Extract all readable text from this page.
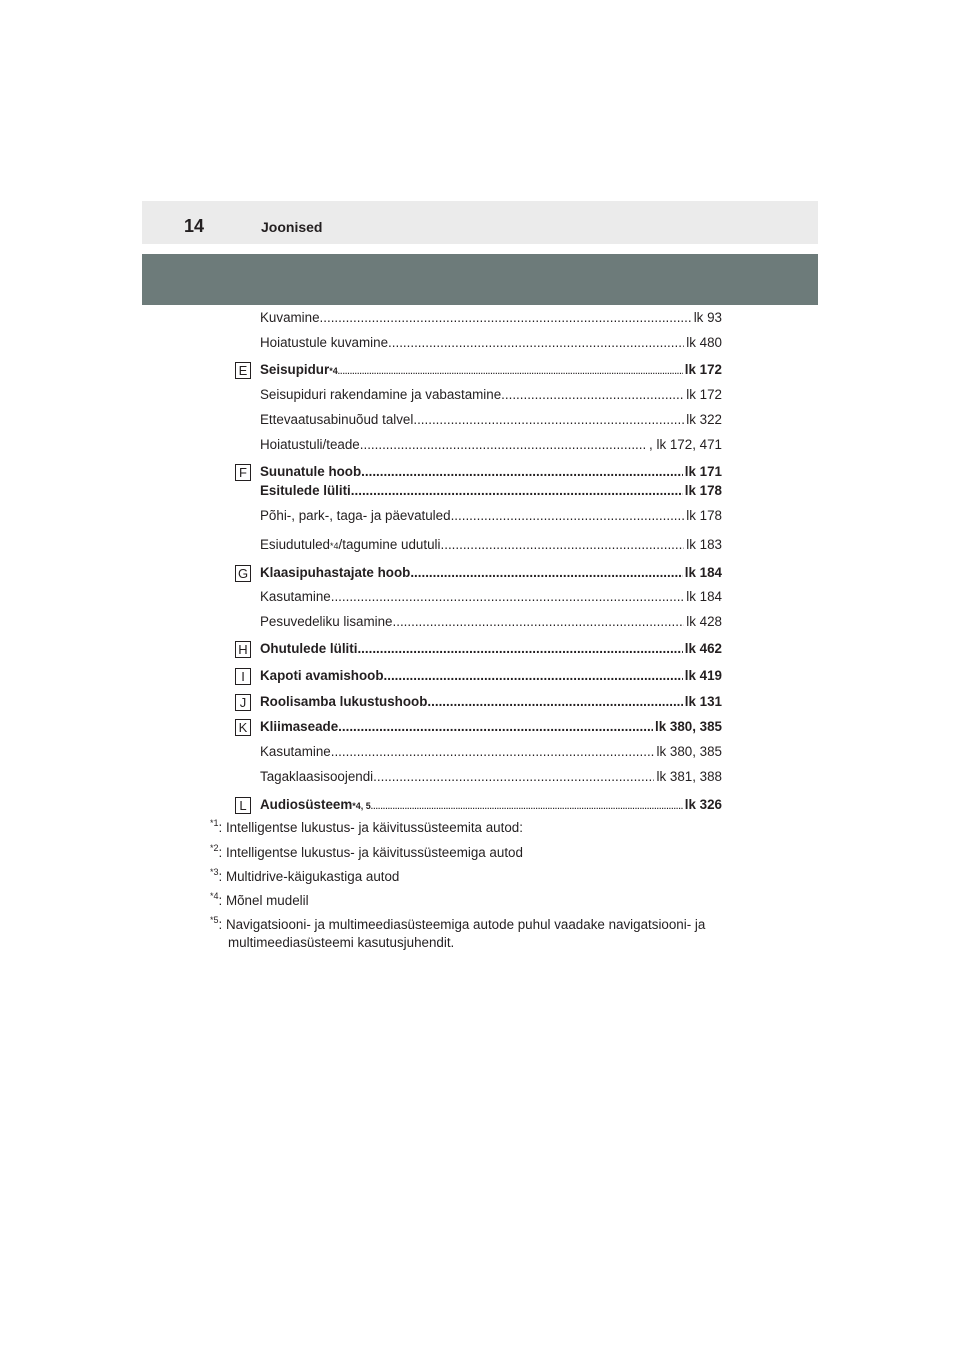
14	Joonised
Kuvamine .....	lk 93
Hoiatustule kuvamine .....	lk 480
E Seisupidur *4 .....	lk 172
Seisupiduri rakendamine ja vabastamine .....	lk 172
Ettevaatusabinuõud talvel .....	lk 322
Hoiatustuli/teade .....	, lk 172, 471
F Suunatule hoob .....	lk 171
Esitulede lüliti .....	lk 178
Põhi-, park-, taga- ja päevatuled .....	lk 178
Esiudutuled *4 /tagumine udutuli .....	lk 183
G Klaasipuhastajate hoob .....	lk 184
Kasutamine .....	lk 184
Pesuvedeliku lisamine .....	lk 428
H Ohutulede lüliti .....	lk 462
I	Kapoti avamishoob .....	lk 419
J	Roolisamba lukustushoob .....	lk 131
K Kliimaseade .....	lk 380, 385
Kasutamine .....	lk 380, 385
Tagaklaasisoojendi .....	lk 381, 388
L Audiosüsteem *4, 5 .....	lk 326
$^{*1}$: Intelligentse lukustus- ja käivitussüsteemita autod:
$^{*2}$: Intelligentse lukustus- ja käivitussüsteemiga autod
$^{*3}$: Multidrive-käigukastiga autod
$^{*4}$: Mõnel mudelil
$^{*5}$: Navigatsiooni- ja multimeediasüsteemiga autode puhul vaadake navigatsiooni- ja
multimeediasüsteemi kasutusjuhendit.
